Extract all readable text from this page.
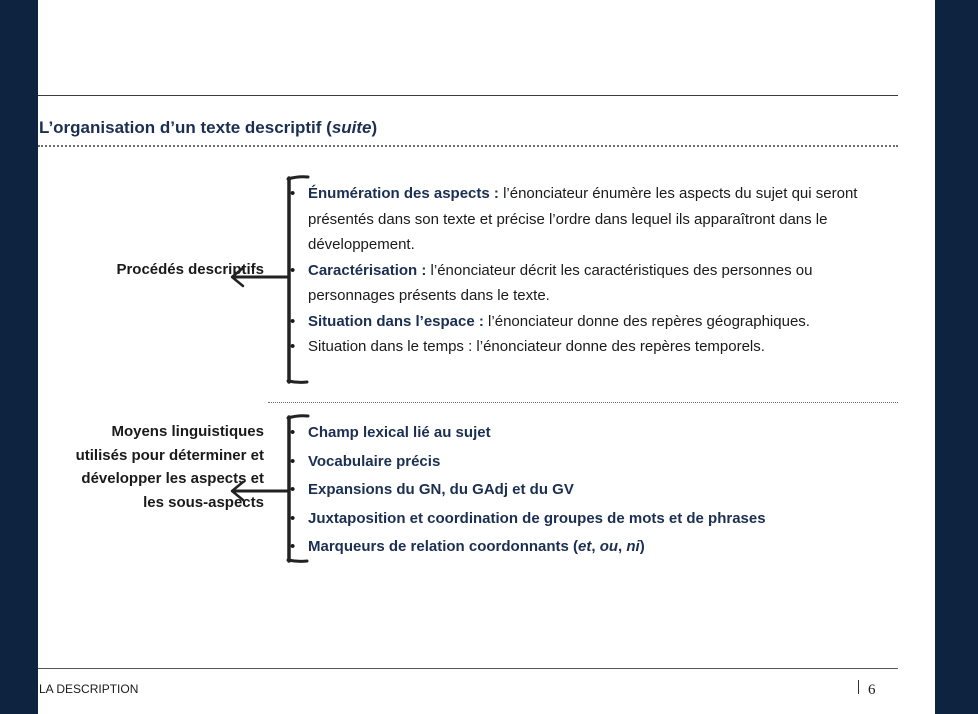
L’organisation d’un texte descriptif (suite)
Procédés descriptifs
• Énumération des aspects : l’énonciateur énumère les aspects du sujet qui seront présentés dans son texte et précise l’ordre dans lequel ils apparaîtront dans le développement.
• Caractérisation : l’énonciateur décrit les caractéristiques des personnes ou personnages présents dans le texte.
• Situation dans l’espace : l’énonciateur donne des repères géographiques.
• Situation dans le temps : l’énonciateur donne des repères temporels.
Moyens linguistiques utilisés pour déterminer et développer les aspects et les sous-aspects
• Champ lexical lié au sujet
• Vocabulaire précis
• Expansions du GN, du GAdj et du GV
• Juxtaposition et coordination de groupes de mots et de phrases
• Marqueurs de relation coordonnants (et, ou, ni)
LA DESCRIPTION	6
